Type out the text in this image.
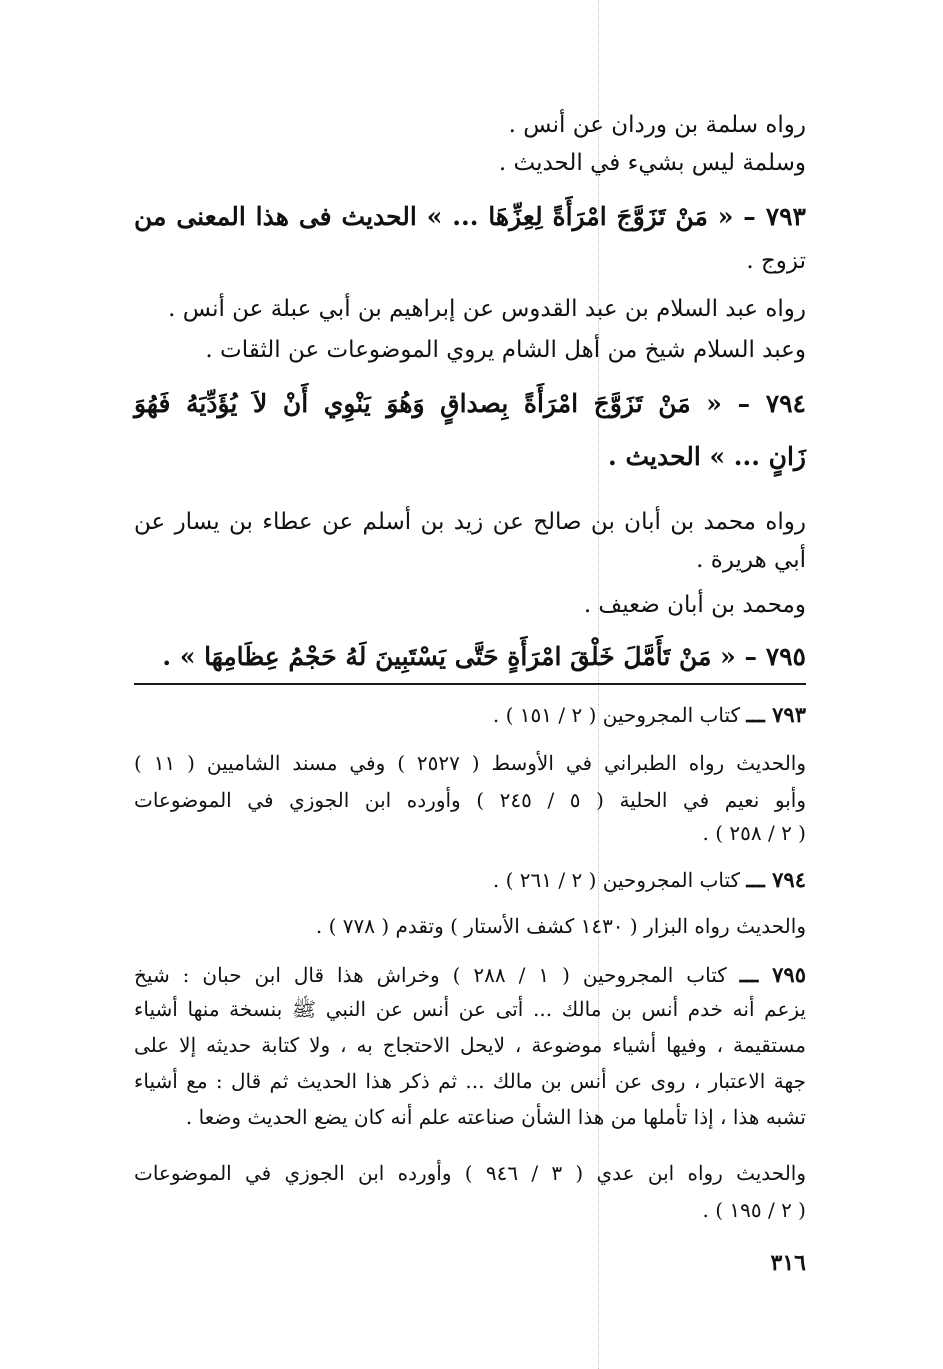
رواه سلمة بن وردان عن أنس .
وسلمة ليس بشيء في الحديث .
٧٩٣ – « مَنْ تَزَوَّجَ امْرَأَةً لِعِزِّهَا ... » الحديث فى هذا المعنى من
تزوج .
رواه عبد السلام بن عبد القدوس عن إبراهيم بن أبي عبلة عن أنس .
وعبد السلام شيخ من أهل الشام يروي الموضوعات عن الثقات .
٧٩٤ – « مَنْ تَزَوَّجَ امْرَأَةً بِصداقٍ وَهُوَ يَنْوِي أَنْ لاَ يُؤَدِّيَهُ فَهُوَ
زَانٍ ... » الحديث .
رواه محمد بن أبان بن صالح عن زيد بن أسلم عن عطاء بن يسار عن
أبي هريرة .
ومحمد بن أبان ضعيف .
٧٩٥ – « مَنْ تَأَمَّلَ خَلْقَ امْرَأَةٍ حَتَّى يَسْتَبِينَ لَهُ حَجْمُ عِظَامِهَا » .
٧٩٣ ـــ كتاب المجروحين ( ٢ / ١٥١ ) .
والحديث رواه الطبراني في الأوسط ( ٢٥٢٧ ) وفي مسند الشاميين ( ١١ )
وأبو نعيم في الحلية ( ٥ / ٢٤٥ ) وأورده ابن الجوزي في الموضوعات
( ٢ / ٢٥٨ ) .
٧٩٤ ـــ كتاب المجروحين ( ٢ / ٢٦١ ) .
والحديث رواه البزار ( ١٤٣٠ كشف الأستار ) وتقدم ( ٧٧٨ ) .
٧٩٥ ـــ كتاب المجروحين ( ١ / ٢٨٨ ) وخراش هذا قال ابن حبان : شيخ
يزعم أنه خدم أنس بن مالك ... أتى عن أنس عن النبي ﷺ بنسخة منها أشياء
مستقيمة ، وفيها أشياء موضوعة ، لايحل الاحتجاج به ، ولا كتابة حديثه إلا على
جهة الاعتبار ، روى عن أنس بن مالك ... ثم ذكر هذا الحديث ثم قال : مع أشياء
تشبه هذا ، إذا تأملها من هذا الشأن صناعته علم أنه كان يضع الحديث وضعا .
والحديث رواه ابن عدي ( ٣ / ٩٤٦ ) وأورده ابن الجوزي في الموضوعات
( ٢ / ١٩٥ ) .
٣١٦
